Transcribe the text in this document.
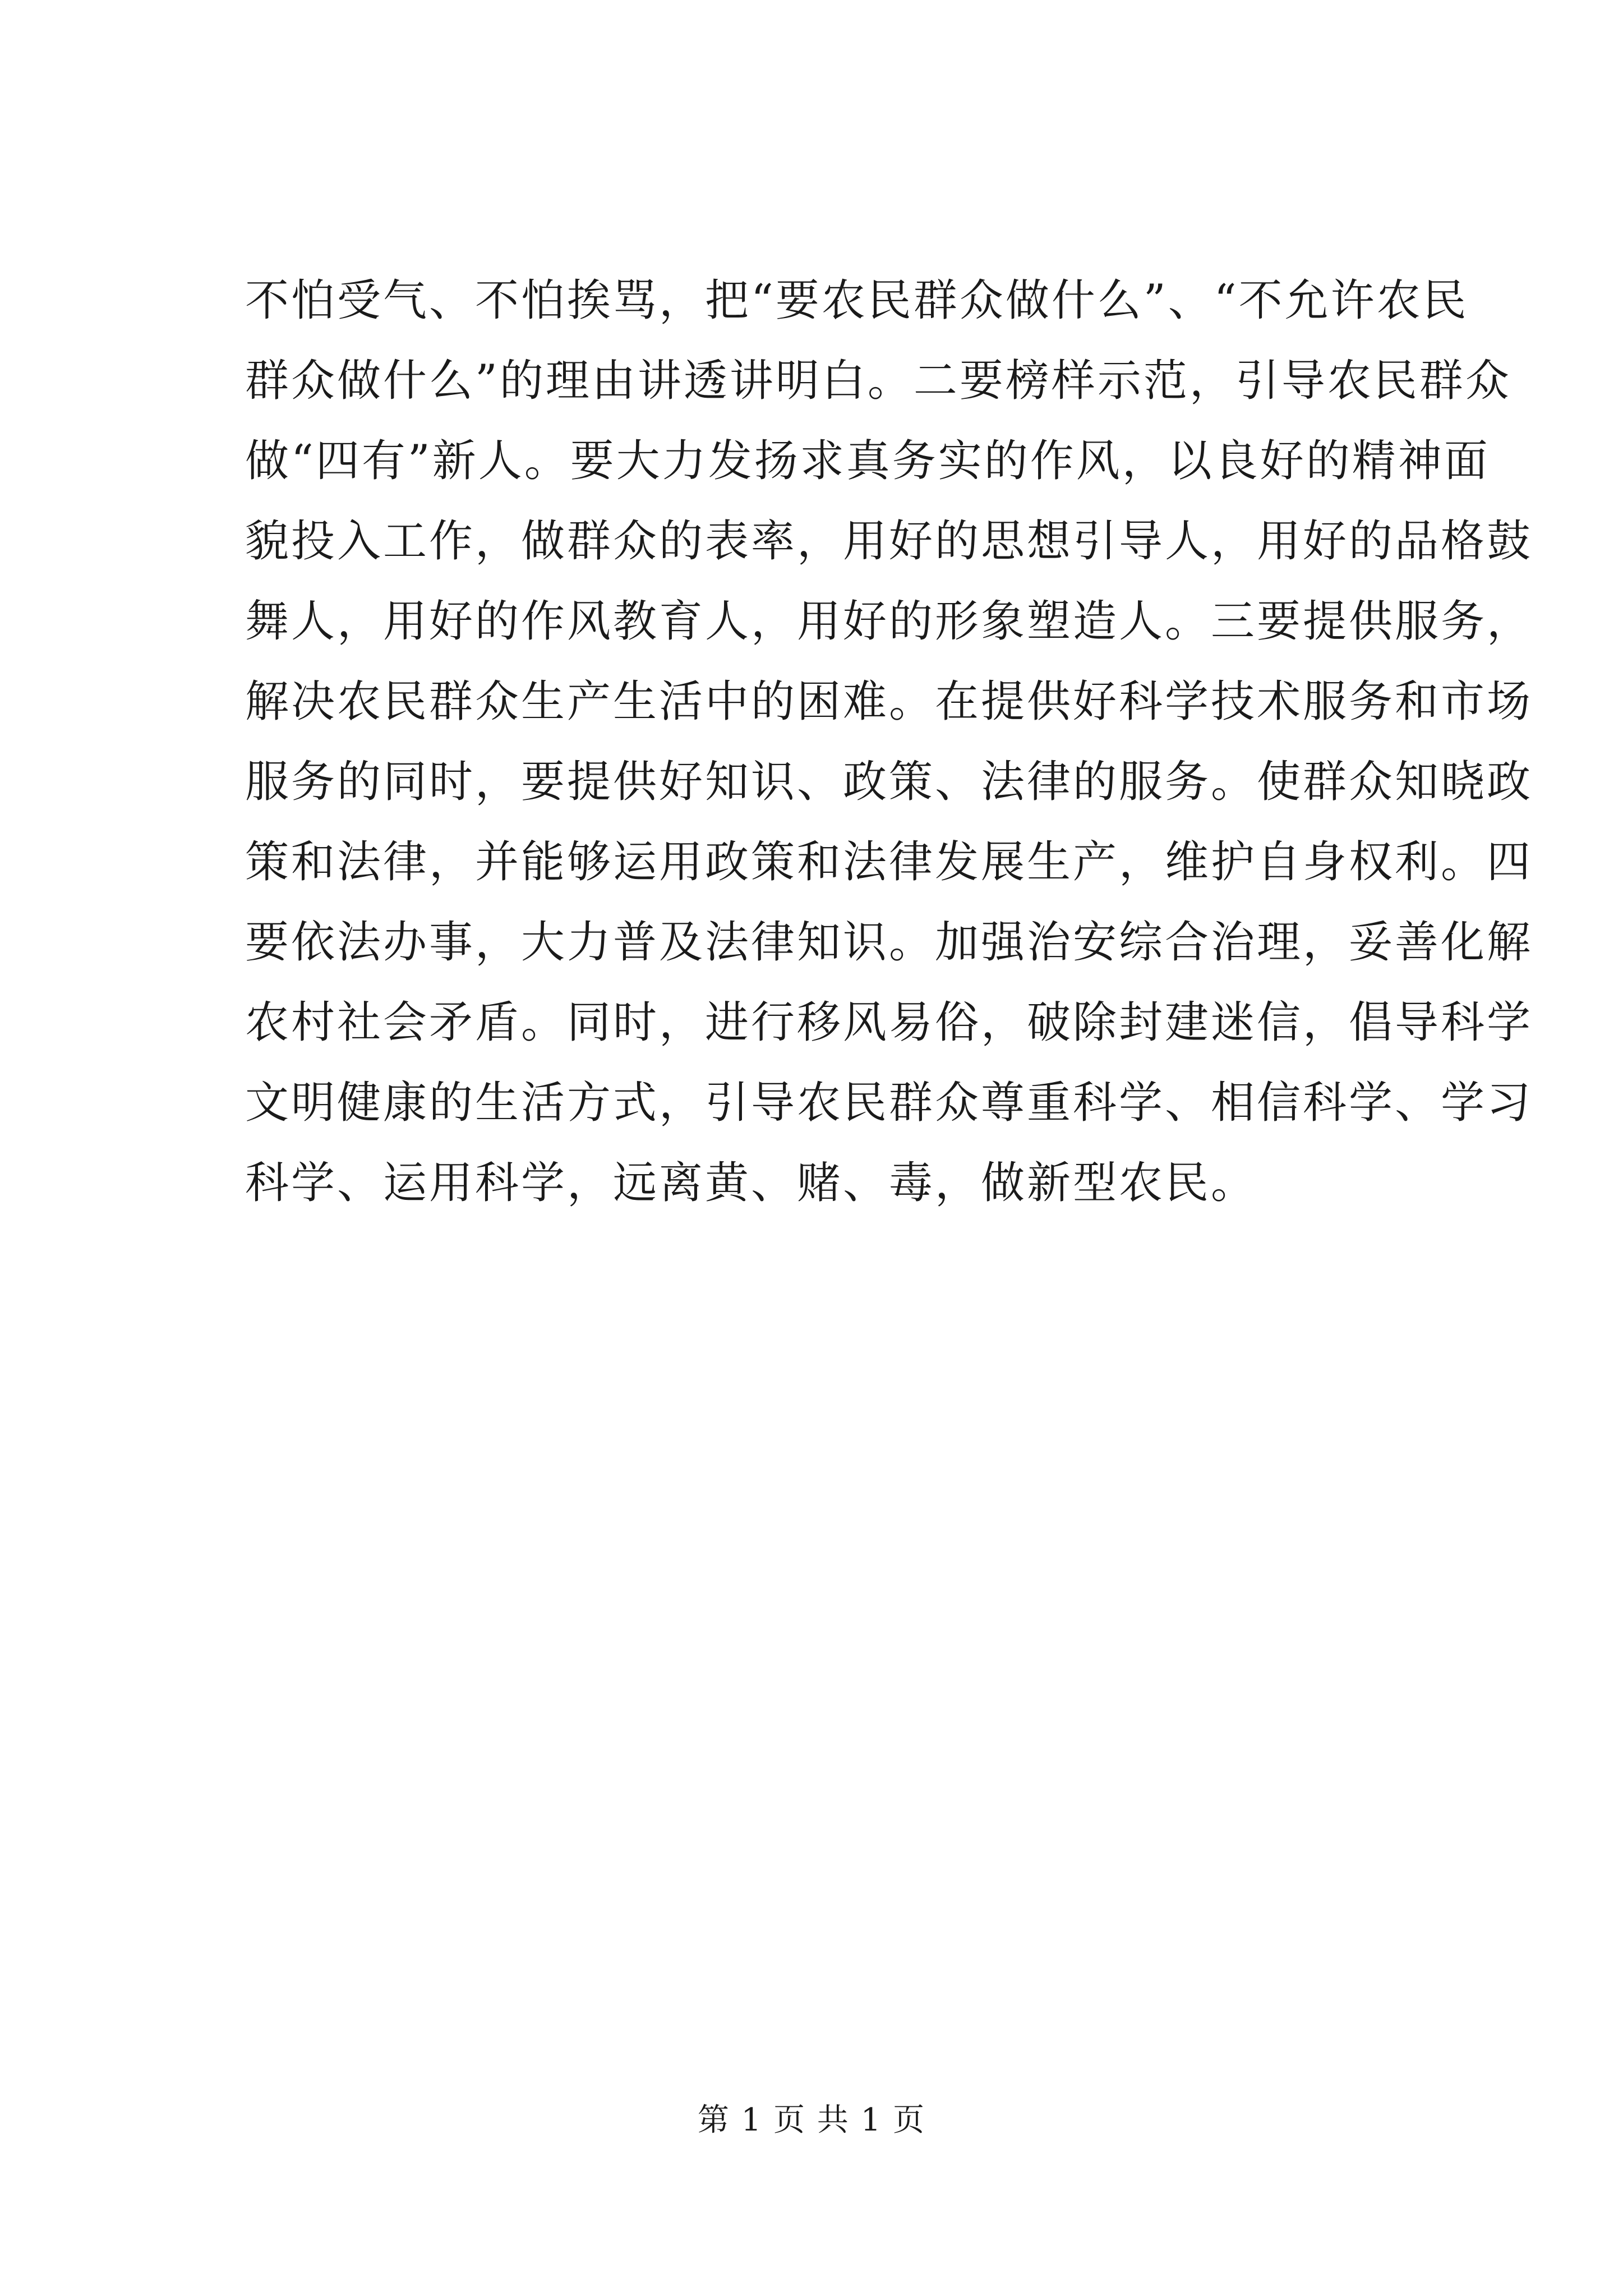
不怕受气、不怕挨骂，把“要农民群众做什么”、“不允许农民
群众做什么”的理由讲透讲明白。二要榜样示范，引导农民群众
做“四有”新人。要大力发扬求真务实的作风，以良好的精神面
貌投入工作，做群众的表率，用好的思想引导人，用好的品格鼓
舞人，用好的作风教育人，用好的形象塑造人。三要提供服务，
解决农民群众生产生活中的困难。在提供好科学技术服务和市场
服务的同时，要提供好知识、政策、法律的服务。使群众知晓政
策和法律，并能够运用政策和法律发展生产，维护自身权利。四
要依法办事，大力普及法律知识。加强治安综合治理，妥善化解
农村社会矛盾。同时，进行移风易俗，破除封建迷信，倡导科学
文明健康的生活方式，引导农民群众尊重科学、相信科学、学习
科学、运用科学，远离黄、赌、毒，做新型农民。
第 1 页 共 1 页
